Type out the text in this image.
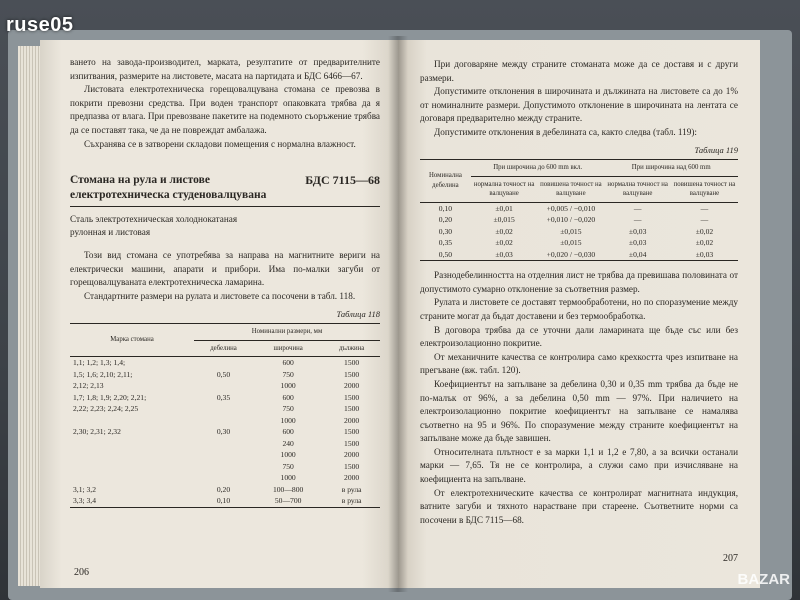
ването на завода-производител, марката, резултатите от предварителните изпитвания, размерите на листовете, масата на партидата и БДС 6466—67.

Листовата електротехническа горещовалцувана стомана се превозва в покрити превозни средства. При воден транспорт опаковката трябва да я предпазва от влага. При превозване пакетите на подемното съоръжение трябва да се поставят така, че да не повреждат амбалажа.

Съхранява се в затворени складови помещения с нормална влажност.

БДС 7115—68
Стомана на рула и листове електротехническа студеновалцувана
Сталь электротехническая холоднокатаная
рулонная и листовая

Този вид стомана се употребява за направа на магнитните вериги на електрически машини, апарати и прибори. Има по-малки загуби от горещовалцуваната електротехническа ламарина.

Стандартните размери на рулата и листовете са посочени в табл. 118.

Таблица 118
Марка стомана	Номинални размери, мм		
	дебелина	широчина	дължина
1,1; 1,2; 1,3; 1,4;		600	1500
1,5; 1,6; 2,10; 2,11;	0,50	750	1500
2,12; 2,13		1000	2000
1,7; 1,8; 1,9; 2,20; 2,21;	0,35	600	1500
2,22; 2,23; 2,24; 2,25		750	1500
		1000	2000
2,30; 2,31; 2,32	0,30	600	1500
		240	1500
		1000	2000
		750	1500
		1000	2000
3,1; 3,2	0,20	100—800	в рула
3,3; 3,4	0,10	50—700	в рула
206

При договаряне между страните стоманата може да се доставя и с други размери.

Допустимите отклонения в широчината и дължината на листовете са до 1% от номиналните размери. Допустимото отклонение в широчината на лентата се договаря предварително между страните.

Допустимите отклонения в дебелината са, както следва (табл. 119):

Таблица 119
Номинална дебелина	При широчина до 600 mm вкл.		При широчина над 600 mm	
	нормална точност на валцуване	повишена точност на валцуване	нормална точност на валцуване	повишена точност на валцуване
0,10	±0,01	+0,005 / −0,010	—	—
0,20	±0,015	+0,010 / −0,020	—	—
0,30	±0,02	±0,015	±0,03	±0,02
0,35	±0,02	±0,015	±0,03	±0,02
0,50	±0,03	+0,020 / −0,030	±0,04	±0,03

Разнодебелинността на отделния лист не трябва да превишава половината от допустимото сумарно отклонение за съответния размер.

Рулата и листовете се доставят термообработени, но по споразумение между страните могат да бъдат доставени и без термообработка.

В договора трябва да се уточни дали ламарината ще бъде със или без електроизолационно покритие.

От механичните качества се контролира само крехкостта чрез изпитване на прегъване (вж. табл. 120).

Коефициентът на запълване за дебелина 0,30 и 0,35 mm трябва да бъде не по-малък от 96%, а за дебелина 0,50 mm — 97%. При наличието на електроизолационно покритие коефициентът на запълване се намалява съответно на 95 и 96%. По споразумение между страните коефициентът на запълване може да бъде завишен.

Относителната плътност е за марки 1,1 и 1,2 е 7,80, а за всички останали марки — 7,65. Тя не се контролира, а служи само при изчисляване на коефициента на запълване.

От електротехническите качества се контролират магнитната индукция, ватните загуби и тяхното нарастване при стареене. Съответните норми са посочени в БДС 7115—68.

207
ruse05
BAZAR
